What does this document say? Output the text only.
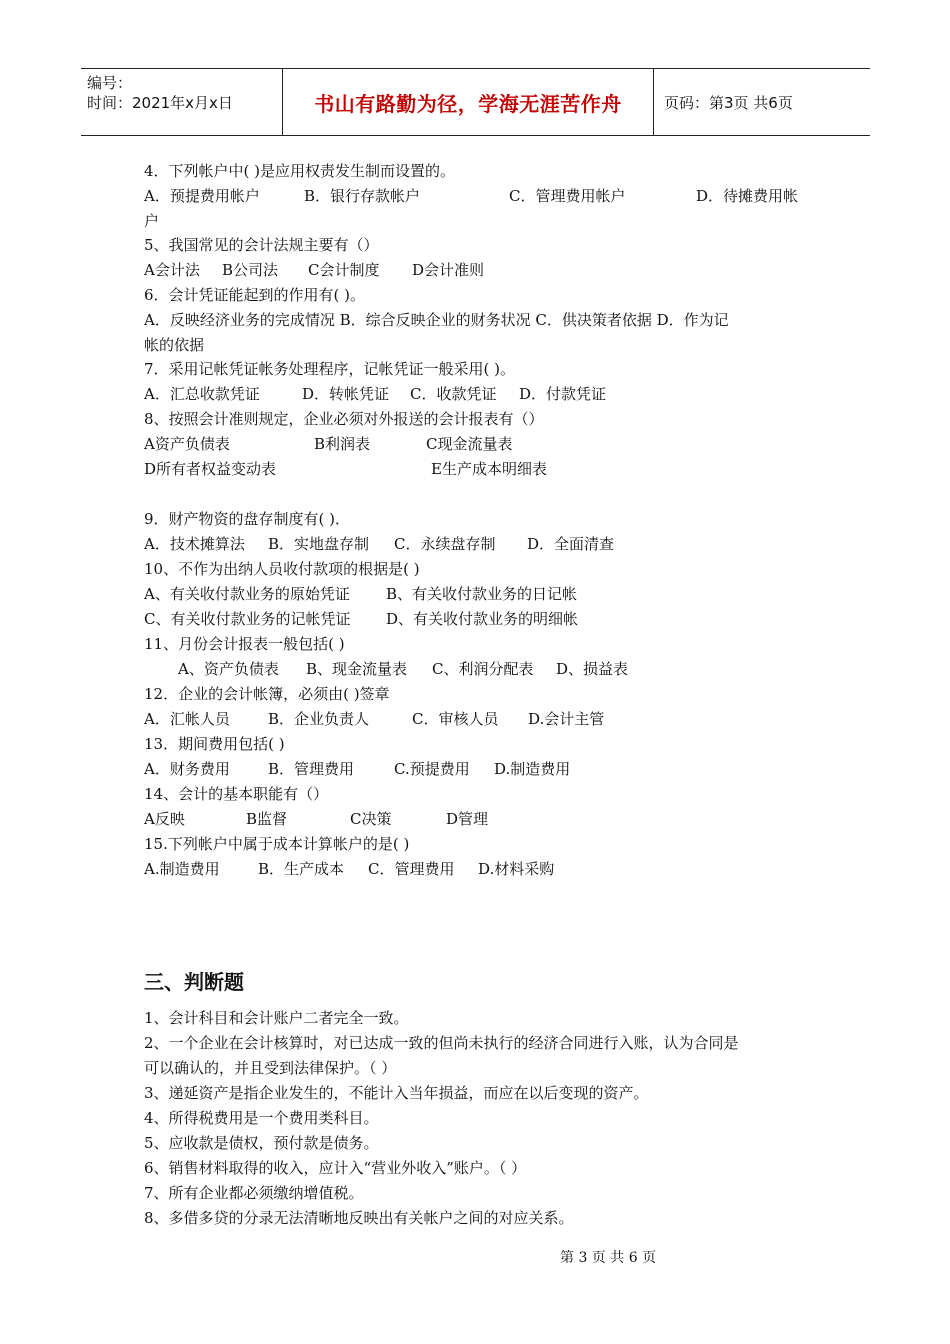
编号：
时间：2021年x月x日	书山有路勤为径，学海无涯苦作舟	页码：第3页 共6页
4．下列帐户中( )是应用权责发生制而设置的。
A．预提费用帐户	B．银行存款帐户	C．管理费用帐户	D．待摊费用帐
户
5、我国常见的会计法规主要有（）
A会计法 B公司法 C会计制度 D会计准则
6．会计凭证能起到的作用有( )。
A．反映经济业务的完成情况 B．综合反映企业的财务状况 C．供决策者依据 D．作为记
帐的依据
7．采用记帐凭证帐务处理程序，记帐凭证一般采用( )。
A．汇总收款凭证	D．转帐凭证 C．收款凭证 D．付款凭证
8、按照会计准则规定，企业必须对外报送的会计报表有（）
A资产负债表	B利润表	C现金流量表
D所有者权益变动表	E生产成本明细表
9．财产物资的盘存制度有( )．
A．技术摊算法 B．实地盘存制 C．永续盘存制 D．全面清查
10、不作为出纳人员收付款项的根据是( )
A、有关收付款业务的原始凭证 B、有关收付款业务的日记帐
C、有关收付款业务的记帐凭证 D、有关收付款业务的明细帐
11、月份会计报表一般包括( )
A、资产负债表 B、现金流量表 C、利润分配表 D、损益表
12．企业的会计帐簿，必须由( )签章
A．汇帐人员	B．企业负责人	C．审核人员 D.会计主管
13．期间费用包括( )
A．财务费用	B．管理费用	C.预提费用 D.制造费用
14、会计的基本职能有（）
A反映	B监督	C决策	D管理
15.下列帐户中属于成本计算帐户的是( )
A.制造费用	B．生产成本 C．管理费用 D.材料采购
三、判断题
1、会计科目和会计账户二者完全一致。
2、一个企业在会计核算时，对已达成一致的但尚未执行的经济合同进行入账，认为合同是
可以确认的，并且受到法律保护。（ ）
3、递延资产是指企业发生的，不能计入当年损益，而应在以后变现的资产。
4、所得税费用是一个费用类科目。
5、应收款是债权，预付款是债务。
6、销售材料取得的收入，应计入“营业外收入”账户。（ ）
7、所有企业都必须缴纳增值税。
8、多借多贷的分录无法清晰地反映出有关帐户之间的对应关系。
第 3 页 共 6 页
